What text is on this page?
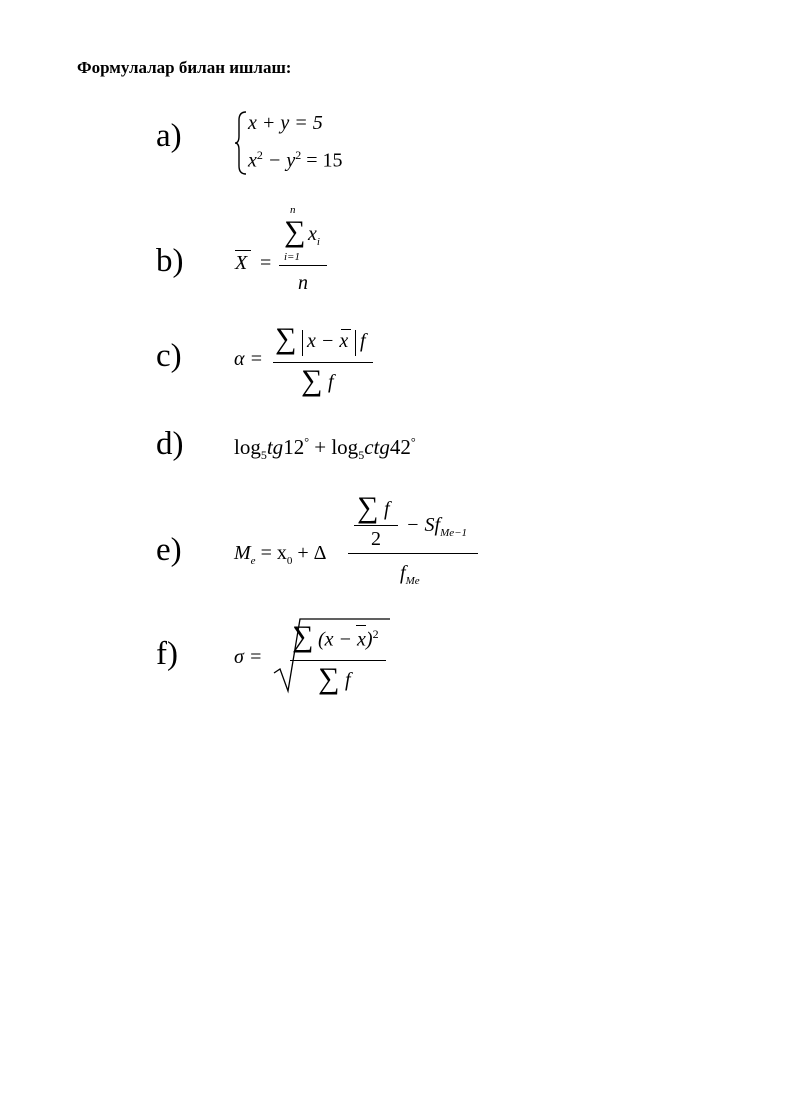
Формулалар билан ишлаш:
a)	x + y = 5
$x^2 - y^2 = 15$
b)
n
∑ $x_i$
i=1
n
X =
c)	α =
∑ x − x f
∑ f
d) $\log_5tg12^\circ + \log_5ctg42^\circ$
e)	$M_e = x_0 + \Delta$
∑ f
2
− $Sf_{Me-1}$
$f_{Me}$
f)	σ =
∑ $(x - x)^2$
∑ f
